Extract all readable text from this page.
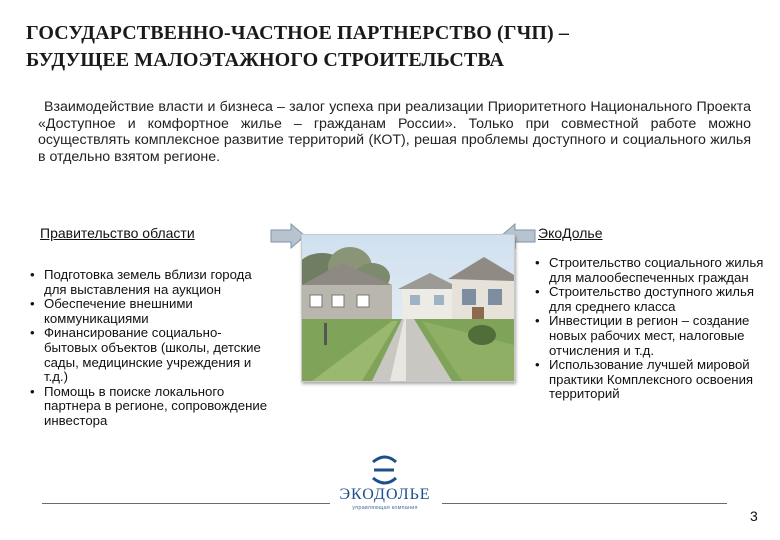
ГОСУДАРСТВЕННО-ЧАСТНОЕ ПАРТНЕРСТВО (ГЧП) –
БУДУЩЕЕ МАЛОЭТАЖНОГО СТРОИТЕЛЬСТВА
Взаимодействие власти и бизнеса – залог успеха при реализации Приоритетного Национального Проекта «Доступное и комфортное жилье – гражданам России». Только при совместной работе можно осуществлять комплексное развитие территорий (КОТ), решая проблемы доступного и социального жилья в отдельно взятом регионе.
Правительство области	ЭкоДолье
• Подготовка земель вблизи города для выставления на аукцион
• Обеспечение внешними коммуникациями
• Финансирование социально-бытовых объектов (школы, детские сады, медицинские учреждения и т.д.)
• Помощь в поиске локального партнера в регионе, сопровождение инвестора
• Строительство социального жилья для малообеспеченных граждан
• Строительство доступного жилья для среднего класса
• Инвестиции в регион – создание новых рабочих мест, налоговые отчисления и т.д.
• Использование лучшей мировой практики Комплексного освоения территорий
ЭКОДОЛЬЕ
управляющая компания	3
